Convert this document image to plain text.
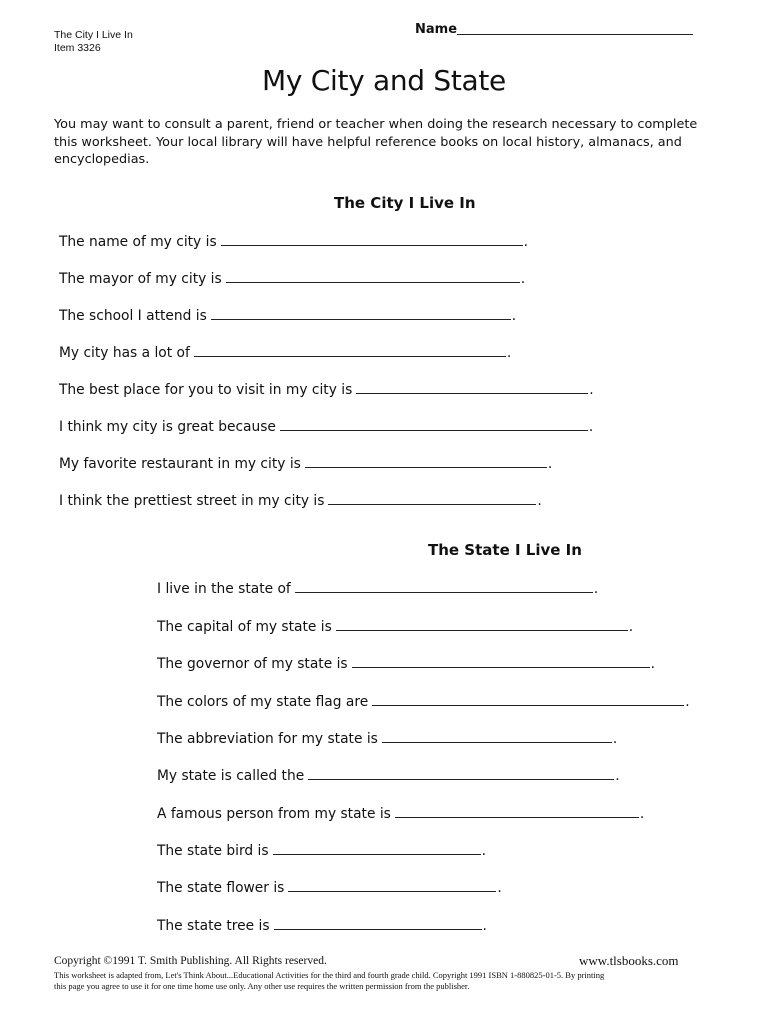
The City I Live In
Item 3326
Name
My City and State
You may want to consult a parent, friend or teacher when doing the research necessary to complete this worksheet. Your local library will have helpful reference books on local history, almanacs, and encyclopedias.
The City I Live In
The name of my city is	.
The mayor of my city is	.
The school I attend is	.
My city has a lot of	.
The best place for you to visit in my city is	.
I think my city is great because	.
My favorite restaurant in my city is	.
I think the prettiest street in my city is	.
The State I Live In
I live in the state of	.
The capital of my state is	.
The governor of my state is	.
The colors of my state flag are	.
The abbreviation for my state is	.
My state is called the	.
A famous person from my state is	.
The state bird is	.
The state flower is	.
The state tree is	.
Copyright ©1991 T. Smith Publishing. All Rights reserved.	www.tlsbooks.com
This worksheet is adapted from, Let's Think About...Educational Activities for the third and fourth grade child. Copyright 1991 ISBN 1-880825-01-5. By printing
this page you agree to use it for one time home use only. Any other use requires the written permission from the publisher.
